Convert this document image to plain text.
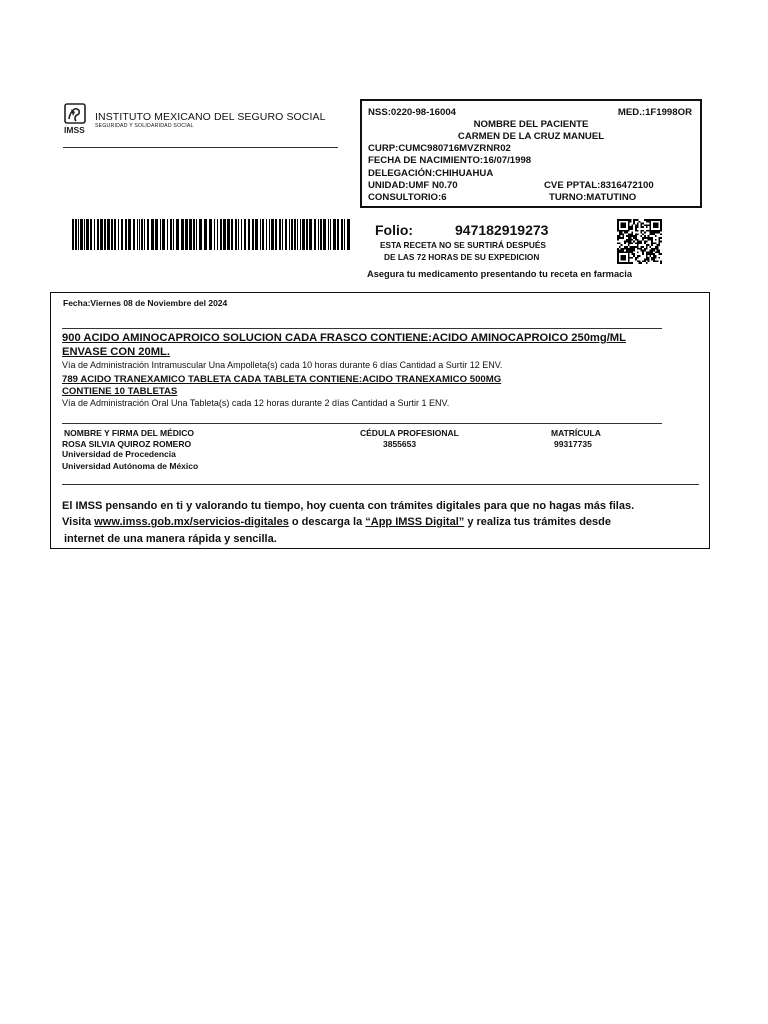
IMSS
INSTITUTO MEXICANO DEL SEGURO SOCIAL
SEGURIDAD Y SOLIDARIDAD SOCIAL
NSS:0220-98-16004	MED.:1F1998OR
NOMBRE DEL PACIENTE
CARMEN DE LA CRUZ MANUEL
CURP:CUMC980716MVZRNR02
FECHA DE NACIMIENTO:16/07/1998
DELEGACIÓN:CHIHUAHUA
UNIDAD:UMF N0.70	CVE PPTAL:8316472100
CONSULTORIO:6	TURNO:MATUTINO
Folio:	947182919273
ESTA RECETA NO SE SURTIRÁ DESPUÉS
DE LAS 72 HORAS DE SU EXPEDICION
Asegura tu medicamento presentando tu receta en farmacia
Fecha:Viernes 08 de Noviembre del 2024
900 ACIDO AMINOCAPROICO SOLUCION CADA FRASCO CONTIENE:ACIDO AMINOCAPROICO 250mg/ML
ENVASE CON 20ML.
Vía de Administración Intramuscular Una Ampolleta(s) cada 10 horas durante 6 días Cantidad a Surtir 12 ENV.
789 ACIDO TRANEXAMICO TABLETA CADA TABLETA CONTIENE:ACIDO TRANEXAMICO 500MG
CONTIENE 10 TABLETAS
Vía de Administración Oral Una Tableta(s) cada 12 horas durante 2 días Cantidad a Surtir 1 ENV.
NOMBRE Y FIRMA DEL MÉDICO
ROSA SILVIA QUIROZ ROMERO
Universidad de Procedencia
Universidad Autónoma de México
CÉDULA PROFESIONAL
3855653
MATRÍCULA
99317735
El IMSS pensando en ti y valorando tu tiempo, hoy cuenta con trámites digitales para que no hagas más filas.
Visita www.imss.gob.mx/servicios-digitales o descarga la “App IMSS Digital” y realiza tus trámites desde
internet de una manera rápida y sencilla.
